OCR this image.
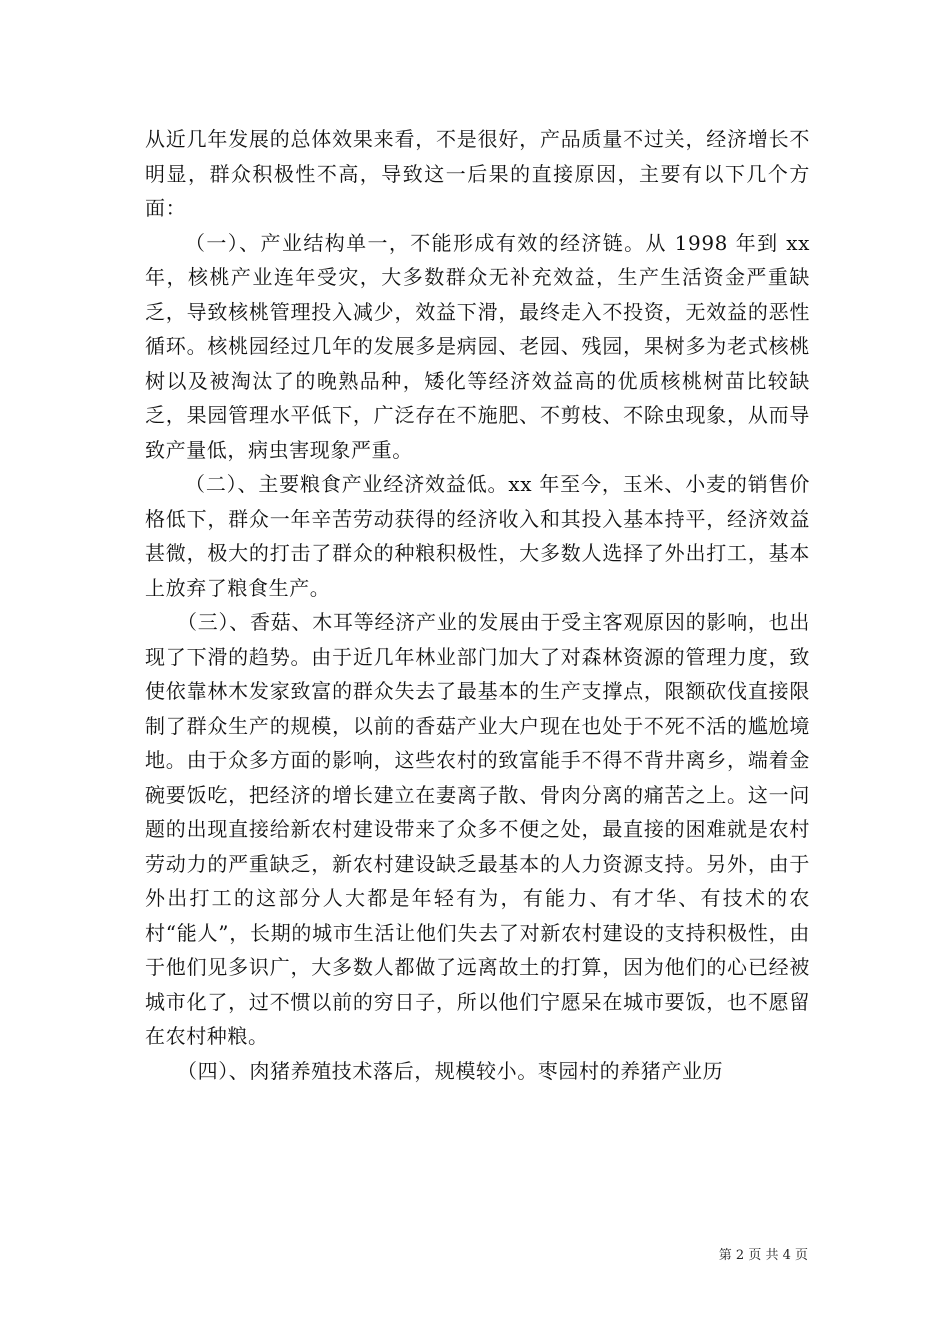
从近几年发展的总体效果来看，不是很好，产品质量不过关，经济增长不明显，群众积极性不高，导致这一后果的直接原因，主要有以下几个方面：

（一）、产业结构单一，不能形成有效的经济链。从 1998 年到 xx 年，核桃产业连年受灾，大多数群众无补充效益，生产生活资金严重缺乏，导致核桃管理投入减少，效益下滑，最终走入不投资，无效益的恶性循环。核桃园经过几年的发展多是病园、老园、残园，果树多为老式核桃树以及被淘汰了的晚熟品种，矮化等经济效益高的优质核桃树苗比较缺乏，果园管理水平低下，广泛存在不施肥、不剪枝、不除虫现象，从而导致产量低，病虫害现象严重。

（二）、主要粮食产业经济效益低。xx 年至今，玉米、小麦的销售价格低下，群众一年辛苦劳动获得的经济收入和其投入基本持平，经济效益甚微，极大的打击了群众的种粮积极性，大多数人选择了外出打工，基本上放弃了粮食生产。

（三）、香菇、木耳等经济产业的发展由于受主客观原因的影响，也出现了下滑的趋势。由于近几年林业部门加大了对森林资源的管理力度，致使依靠林木发家致富的群众失去了最基本的生产支撑点，限额砍伐直接限制了群众生产的规模，以前的香菇产业大户现在也处于不死不活的尴尬境地。由于众多方面的影响，这些农村的致富能手不得不背井离乡，端着金碗要饭吃，把经济的增长建立在妻离子散、骨肉分离的痛苦之上。这一问题的出现直接给新农村建设带来了众多不便之处，最直接的困难就是农村劳动力的严重缺乏，新农村建设缺乏最基本的人力资源支持。另外，由于外出打工的这部分人大都是年轻有为，有能力、有才华、有技术的农村“能人”，长期的城市生活让他们失去了对新农村建设的支持积极性，由于他们见多识广，大多数人都做了远离故土的打算，因为他们的心已经被城市化了，过不惯以前的穷日子，所以他们宁愿呆在城市要饭，也不愿留在农村种粮。

（四）、肉猪养殖技术落后，规模较小。枣园村的养猪产业历

第 2 页 共 4 页
